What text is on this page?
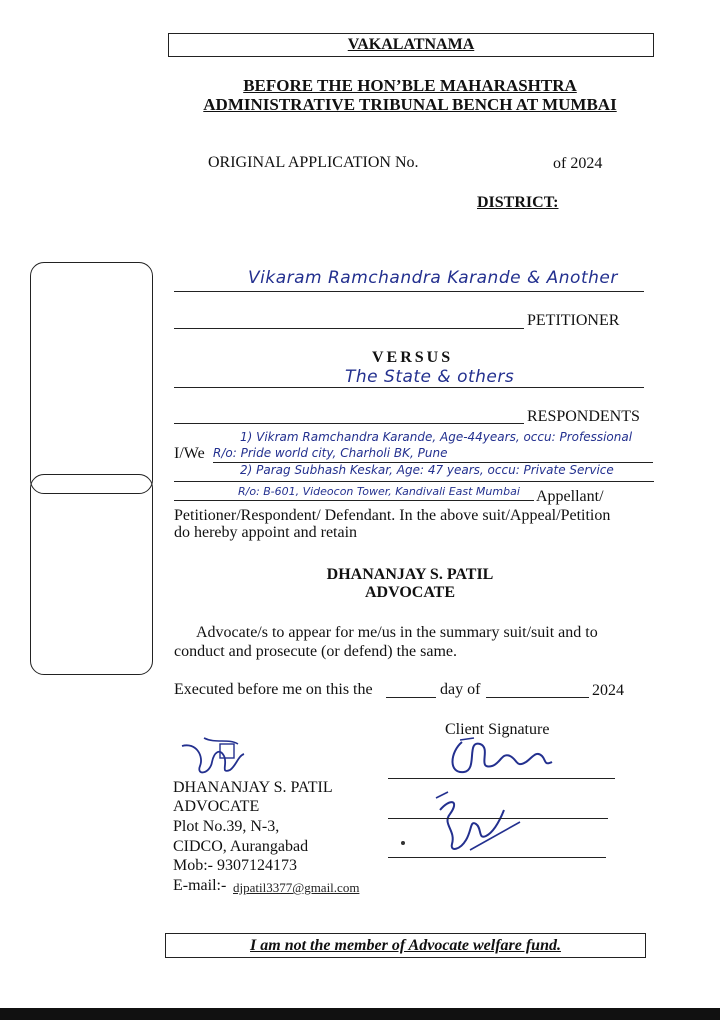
VAKALATNAMA
BEFORE THE HON’BLE MAHARASHTRA
ADMINISTRATIVE TRIBUNAL BENCH AT MUMBAI
ORIGINAL APPLICATION No.	of 2024
DISTRICT:
Vikaram Ramchandra Karande & Another
PETITIONER
VERSUS
The State & others
RESPONDENTS
I/We
1) Vikram Ramchandra Karande, Age-44years, occu: Professional
R/o: Pride world city, Charholi BK, Pune
2) Parag Subhash Keskar, Age: 47 years, occu: Private Service
R/o: B-601, Videocon Tower, Kandivali East Mumbai Appellant/
Petitioner/Respondent/ Defendant. In the above suit/Appeal/Petition
do hereby appoint and retain
DHANANJAY S. PATIL
ADVOCATE
Advocate/s to appear for me/us in the summary suit/suit and to
conduct and prosecute (or defend) the same.
Executed before me on this the	day of	2024
Client Signature
DHANANJAY S. PATIL
ADVOCATE
Plot No.39, N-3,
CIDCO, Aurangabad
Mob:- 9307124173
E-mail:- djpatil3377@gmail.com
I am not the member of Advocate welfare fund.
